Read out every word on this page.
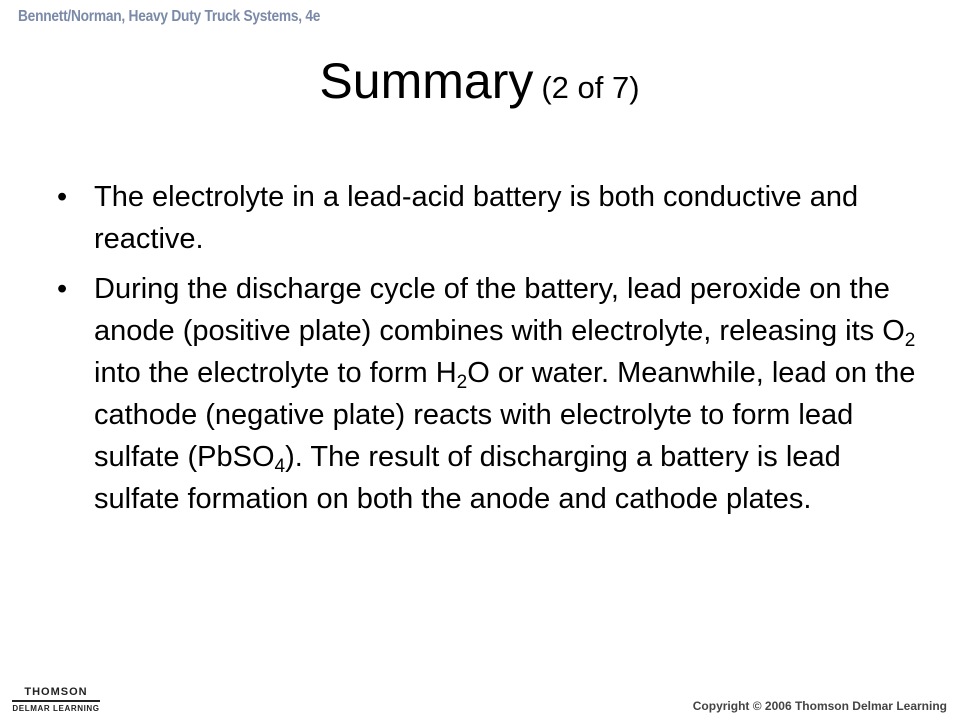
Bennett/Norman, Heavy Duty Truck Systems, 4e
Summary (2 of 7)
• The electrolyte in a lead-acid battery is both conductive and reactive.
• During the discharge cycle of the battery, lead peroxide on the anode (positive plate) combines with electrolyte, releasing its $O_2$ into the electrolyte to form $H_2O$ or water. Meanwhile, lead on the cathode (negative plate) reacts with electrolyte to form lead sulfate (PbSO$_4$). The result of discharging a battery is lead sulfate formation on both the anode and cathode plates.
THOMSON
DELMAR LEARNING	Copyright © 2006 Thomson Delmar Learning
